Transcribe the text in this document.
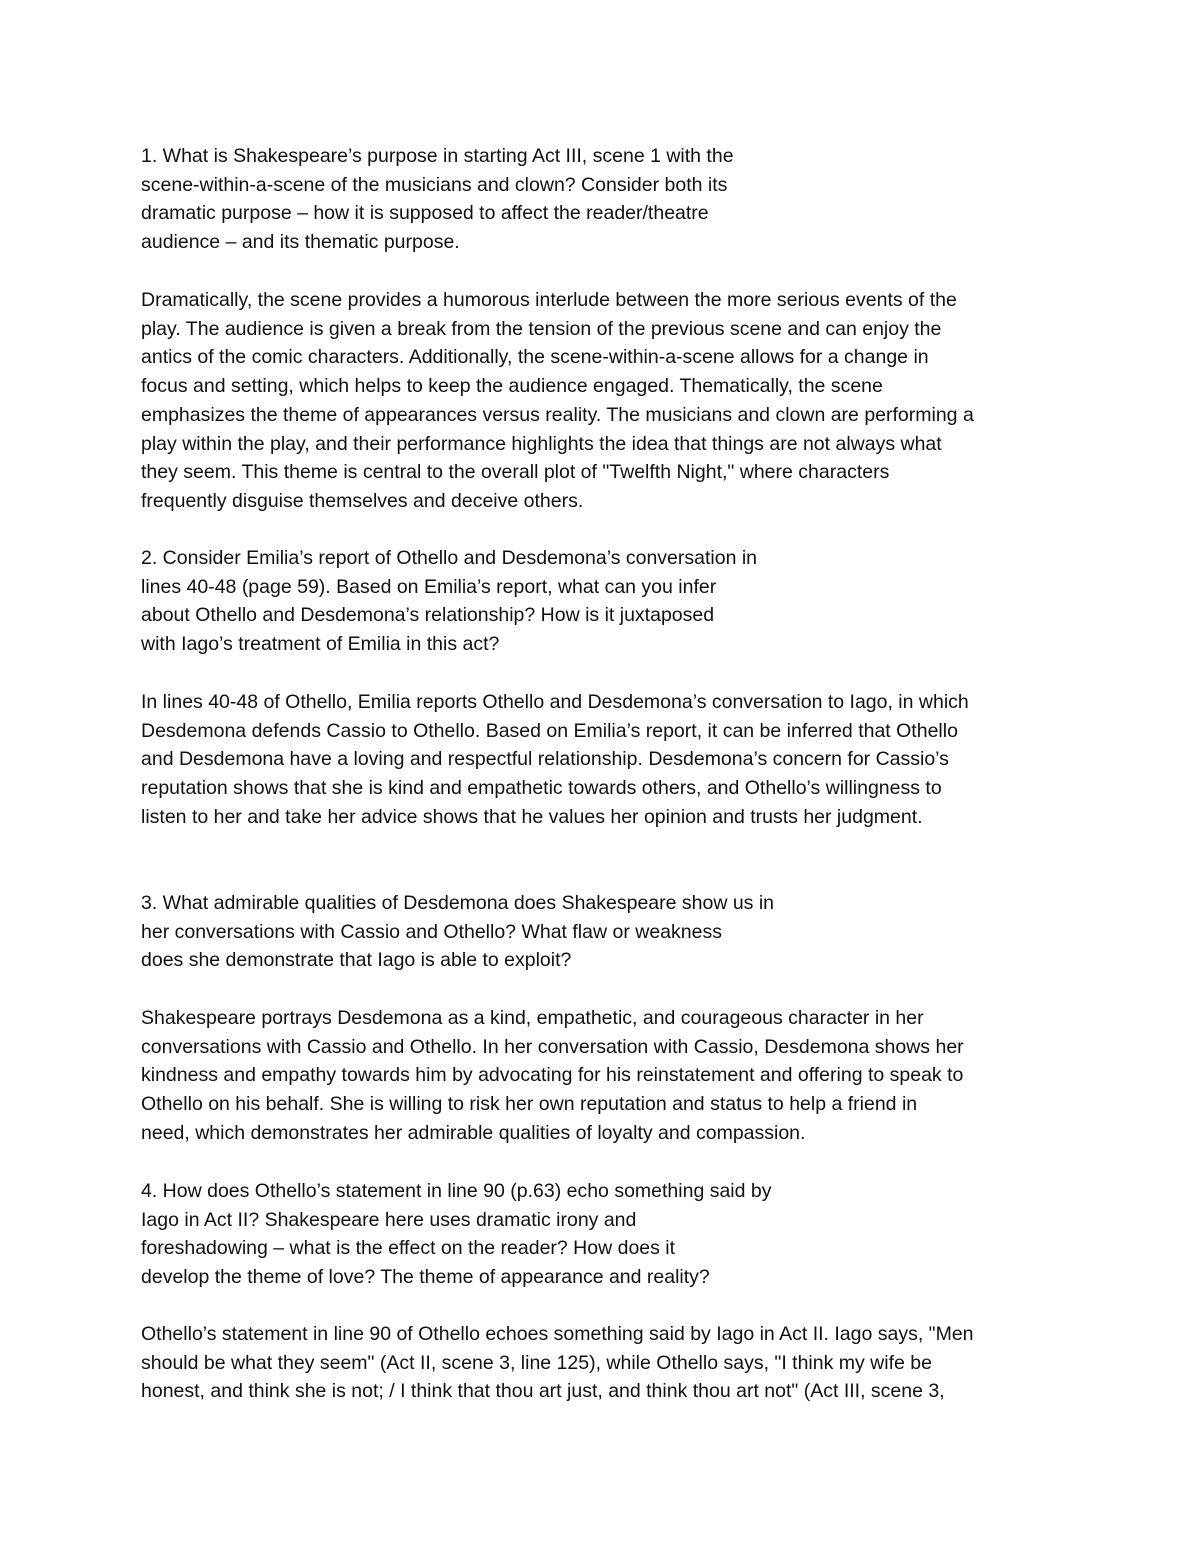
1. What is Shakespeare’s purpose in starting Act III, scene 1 with the
scene-within-a-scene of the musicians and clown? Consider both its
dramatic purpose – how it is supposed to affect the reader/theatre
audience – and its thematic purpose.

Dramatically, the scene provides a humorous interlude between the more serious events of the
play. The audience is given a break from the tension of the previous scene and can enjoy the
antics of the comic characters. Additionally, the scene-within-a-scene allows for a change in
focus and setting, which helps to keep the audience engaged. Thematically, the scene
emphasizes the theme of appearances versus reality. The musicians and clown are performing a
play within the play, and their performance highlights the idea that things are not always what
they seem. This theme is central to the overall plot of "Twelfth Night," where characters
frequently disguise themselves and deceive others.

2. Consider Emilia’s report of Othello and Desdemona’s conversation in
lines 40-48 (page 59). Based on Emilia’s report, what can you infer
about Othello and Desdemona’s relationship? How is it juxtaposed
with Iago’s treatment of Emilia in this act?

In lines 40-48 of Othello, Emilia reports Othello and Desdemona’s conversation to Iago, in which
Desdemona defends Cassio to Othello. Based on Emilia’s report, it can be inferred that Othello
and Desdemona have a loving and respectful relationship. Desdemona’s concern for Cassio’s
reputation shows that she is kind and empathetic towards others, and Othello’s willingness to
listen to her and take her advice shows that he values her opinion and trusts her judgment.

3. What admirable qualities of Desdemona does Shakespeare show us in
her conversations with Cassio and Othello? What flaw or weakness
does she demonstrate that Iago is able to exploit?

Shakespeare portrays Desdemona as a kind, empathetic, and courageous character in her
conversations with Cassio and Othello. In her conversation with Cassio, Desdemona shows her
kindness and empathy towards him by advocating for his reinstatement and offering to speak to
Othello on his behalf. She is willing to risk her own reputation and status to help a friend in
need, which demonstrates her admirable qualities of loyalty and compassion.

4. How does Othello’s statement in line 90 (p.63) echo something said by
Iago in Act II? Shakespeare here uses dramatic irony and
foreshadowing – what is the effect on the reader? How does it
develop the theme of love? The theme of appearance and reality?

Othello’s statement in line 90 of Othello echoes something said by Iago in Act II. Iago says, "Men
should be what they seem" (Act II, scene 3, line 125), while Othello says, "I think my wife be
honest, and think she is not; / I think that thou art just, and think thou art not" (Act III, scene 3,
